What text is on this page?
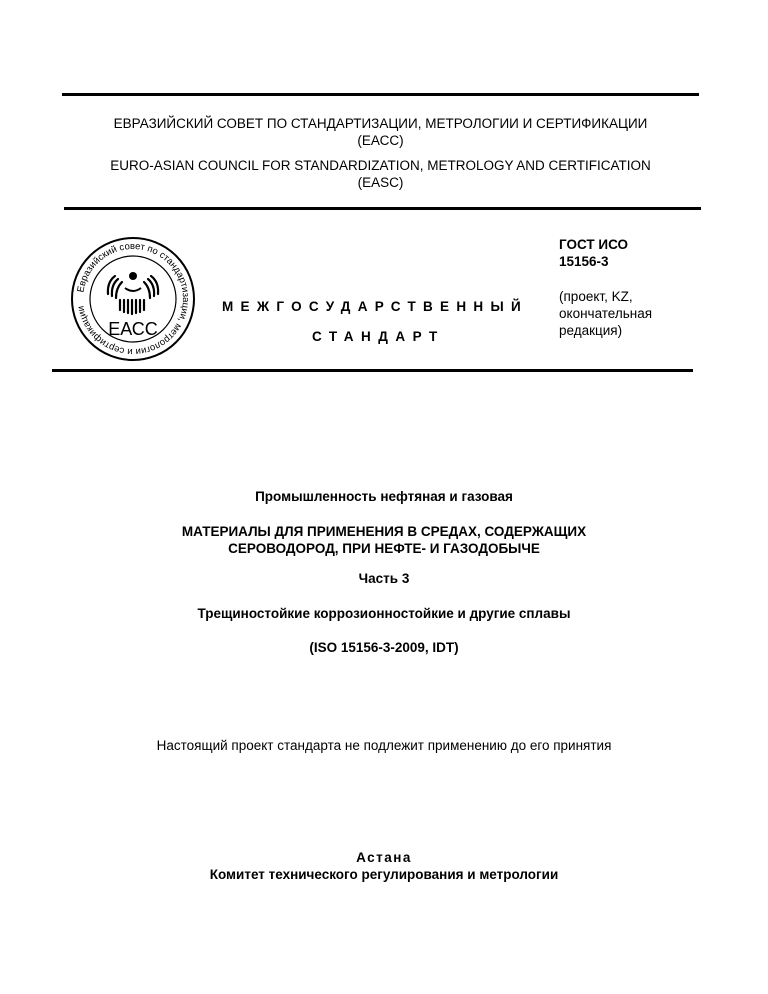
ЕВРАЗИЙСКИЙ СОВЕТ ПО СТАНДАРТИЗАЦИИ, МЕТРОЛОГИИ И СЕРТИФИКАЦИИ
(ЕАСС)
EURO-ASIAN COUNCIL FOR STANDARDIZATION, METROLOGY AND CERTIFICATION
(EASC)
Евразийский совет по стандартизации, метрологии и сертификации
ЕАСС
ГОСТ ИСО
15156-3
(проект, KZ,
окончательная
редакция)
МЕЖГОСУДАРСТВЕННЫЙ
СТАНДАРТ
Промышленность нефтяная и газовая
МАТЕРИАЛЫ ДЛЯ ПРИМЕНЕНИЯ В СРЕДАХ, СОДЕРЖАЩИХ
СЕРОВОДОРОД, ПРИ НЕФТЕ- И ГАЗОДОБЫЧЕ
Часть 3
Трещиностойкие коррозионностойкие и другие сплавы
(ISO 15156-3-2009, IDT)
Настоящий проект стандарта не подлежит применению до его принятия
Астана
Комитет технического регулирования и метрологии
